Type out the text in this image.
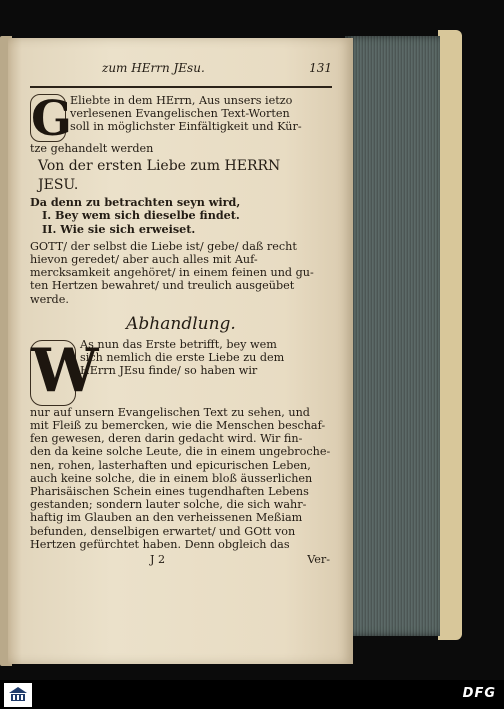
zum HErrn JEsu.	131
G
Eliebte in dem HErrn, Aus unsers ietzo
verlesenen Evangelischen Text-Worten
soll in möglichster Einfältigkeit und Kür-
tze gehandelt werden
Von der ersten Liebe zum HERRN
JESU.
Da denn zu betrachten seyn wird,
I. Bey wem sich dieselbe findet.
II. Wie sie sich erweiset.
GOTT/ der selbst die Liebe ist/ gebe/ daß recht
hievon geredet/ aber auch alles mit Auf-
mercksamkeit angehöret/ in einem feinen und gu-
ten Hertzen bewahret/ und treulich ausgeübet
werde.
Abhandlung.
W
As nun das Erste betrifft, bey wem
sich nemlich die erste Liebe zu dem
HErrn JEsu finde/ so haben wir
nur auf unsern Evangelischen Text zu sehen, und
mit Fleiß zu bemercken, wie die Menschen beschaf-
fen gewesen, deren darin gedacht wird. Wir fin-
den da keine solche Leute, die in einem ungebroche-
nen, rohen, lasterhaften und epicurischen Leben,
auch keine solche, die in einem bloß äusserlichen
Pharisäischen Schein eines tugendhaften Lebens
gestanden; sondern lauter solche, die sich wahr-
haftig im Glauben an den verheissenen Meßiam
befunden, denselbigen erwartet/ und GOtt von
Hertzen gefürchtet haben. Denn obgleich das
J 2	Ver-
DFG
